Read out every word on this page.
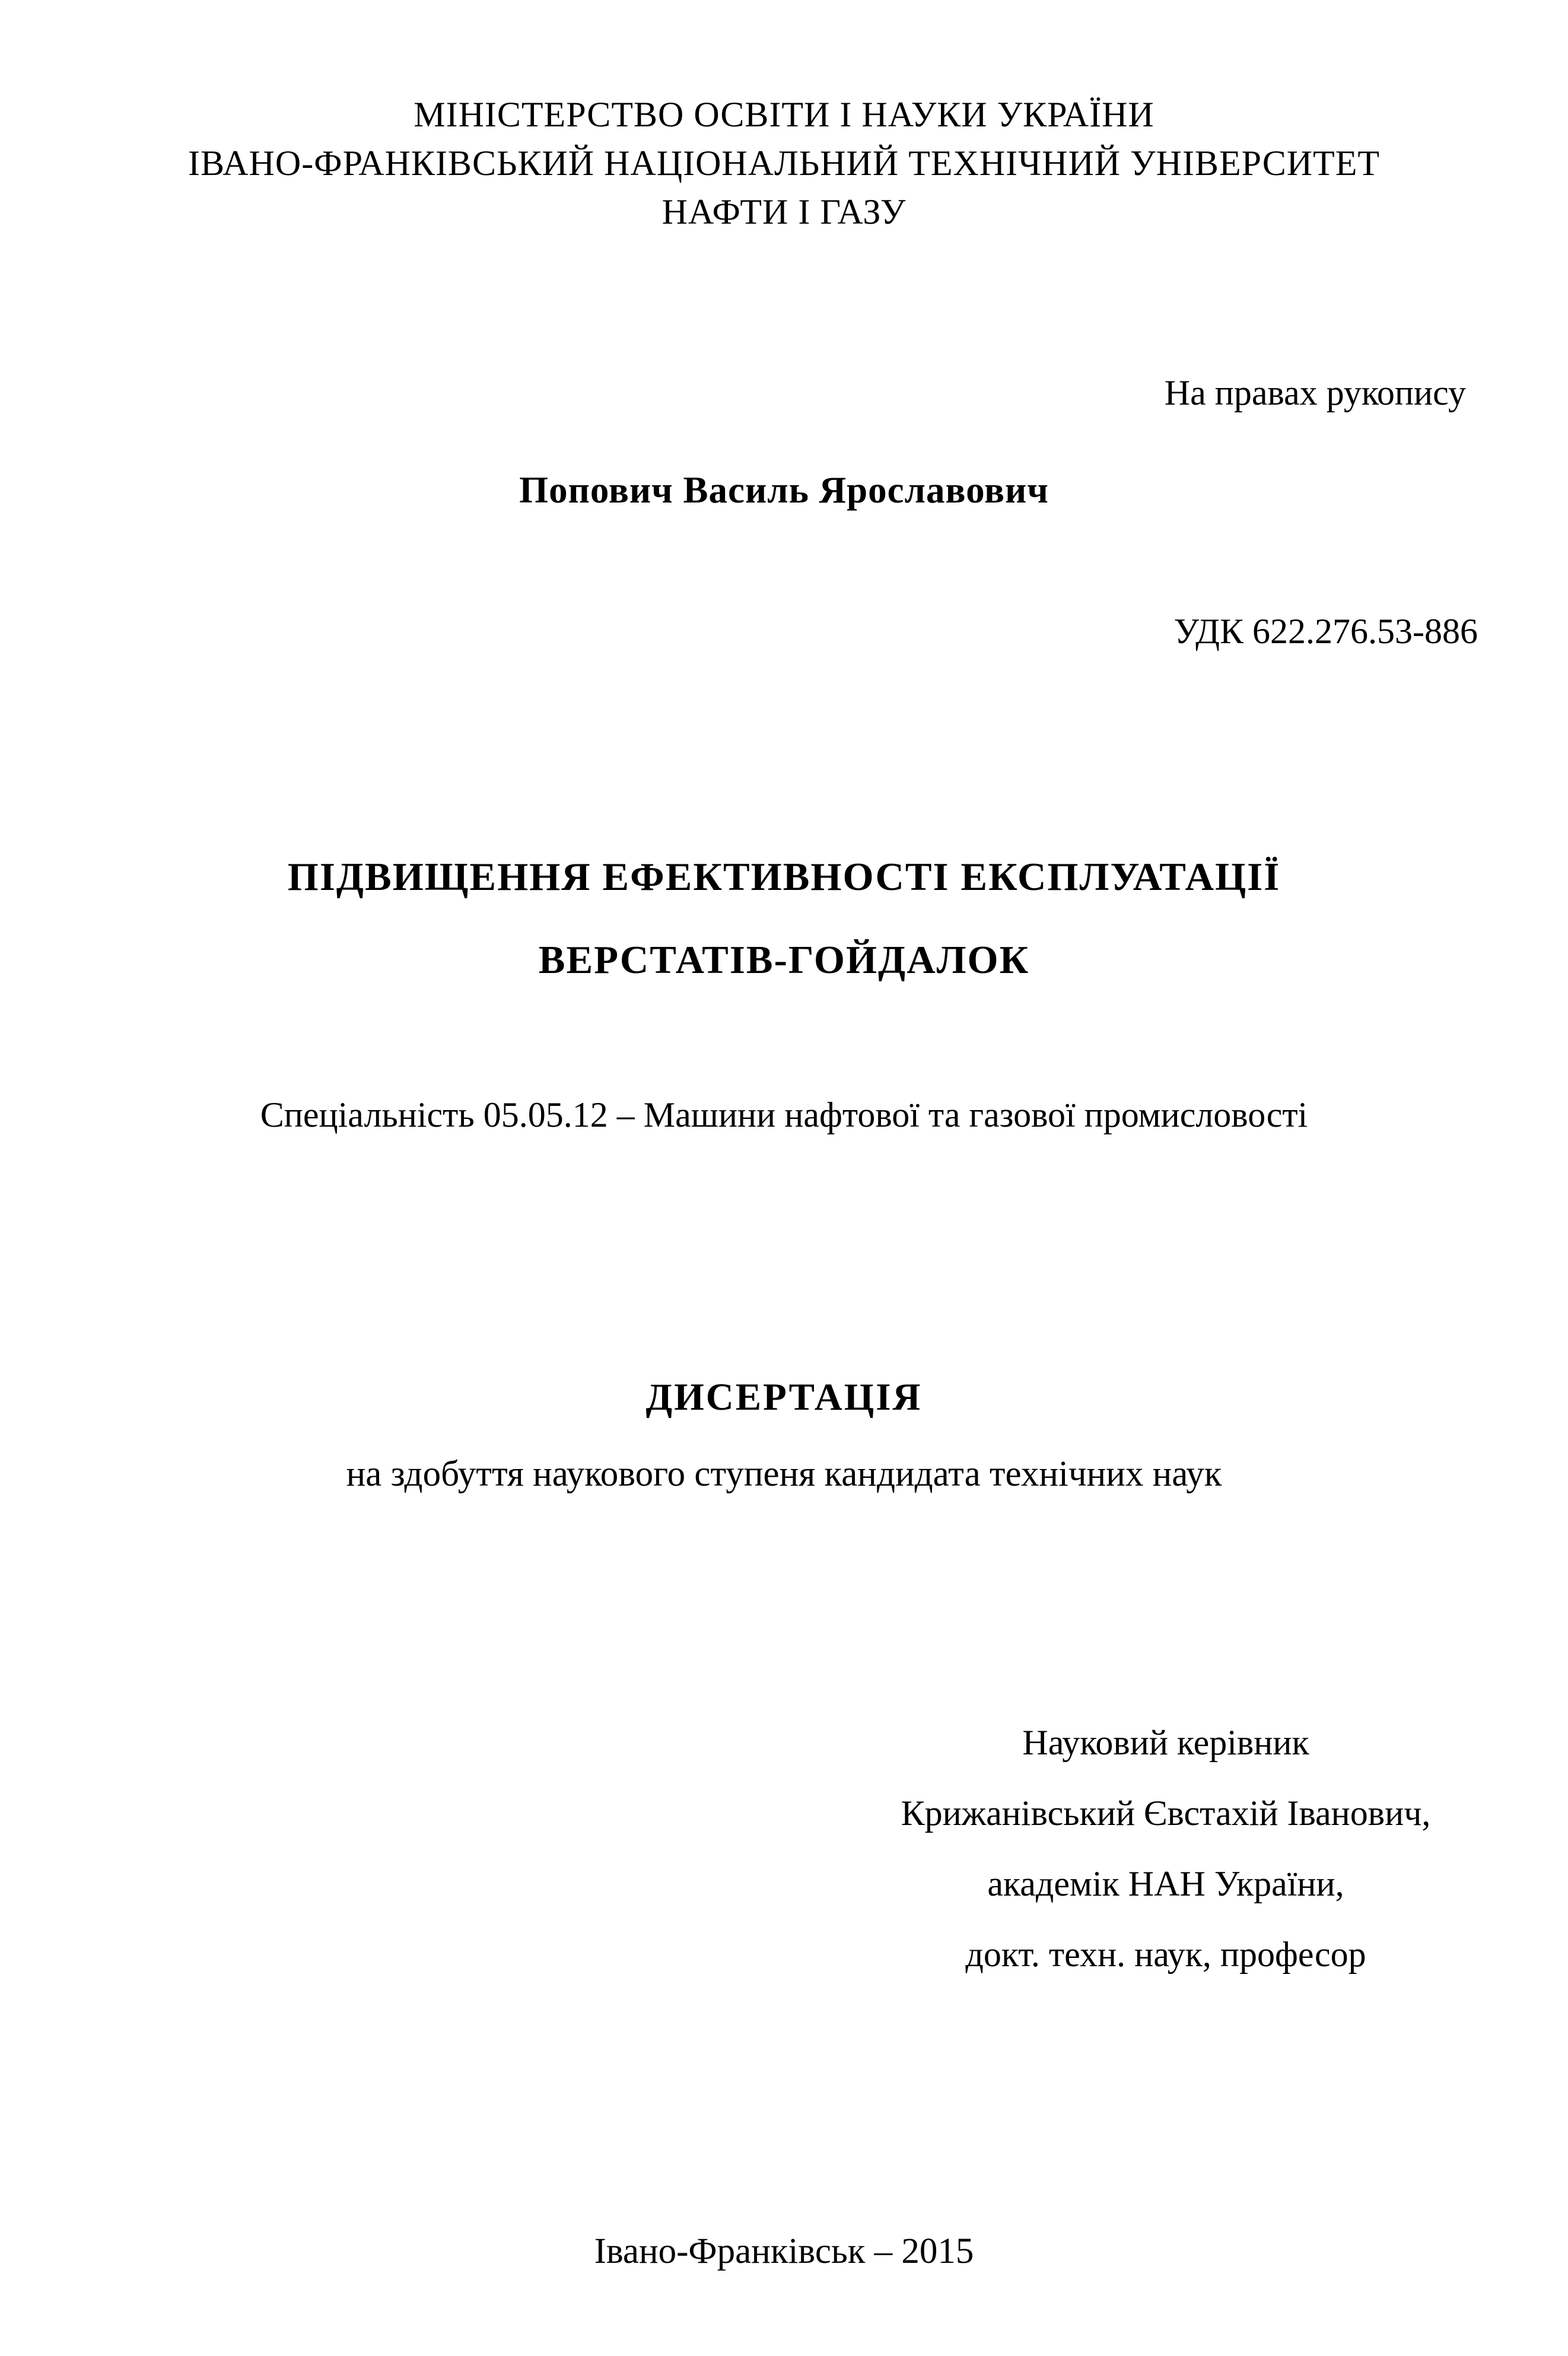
МІНІСТЕРСТВО ОСВІТИ І НАУКИ УКРАЇНИ
ІВАНО-ФРАНКІВСЬКИЙ НАЦІОНАЛЬНИЙ ТЕХНІЧНИЙ УНІВЕРСИТЕТ
НАФТИ І ГАЗУ
На правах рукопису
Попович Василь Ярославович
УДК 622.276.53-886
ПІДВИЩЕННЯ ЕФЕКТИВНОСТІ ЕКСПЛУАТАЦІЇ
ВЕРСТАТІВ-ГОЙДАЛОК
Спеціальність 05.05.12 – Машини нафтової та газової промисловості
ДИСЕРТАЦІЯ
на здобуття наукового ступеня кандидата технічних наук
Науковий керівник
Крижанівський Євстахій Іванович,
академік НАН України,
докт. техн. наук, професор
Івано-Франківськ – 2015
